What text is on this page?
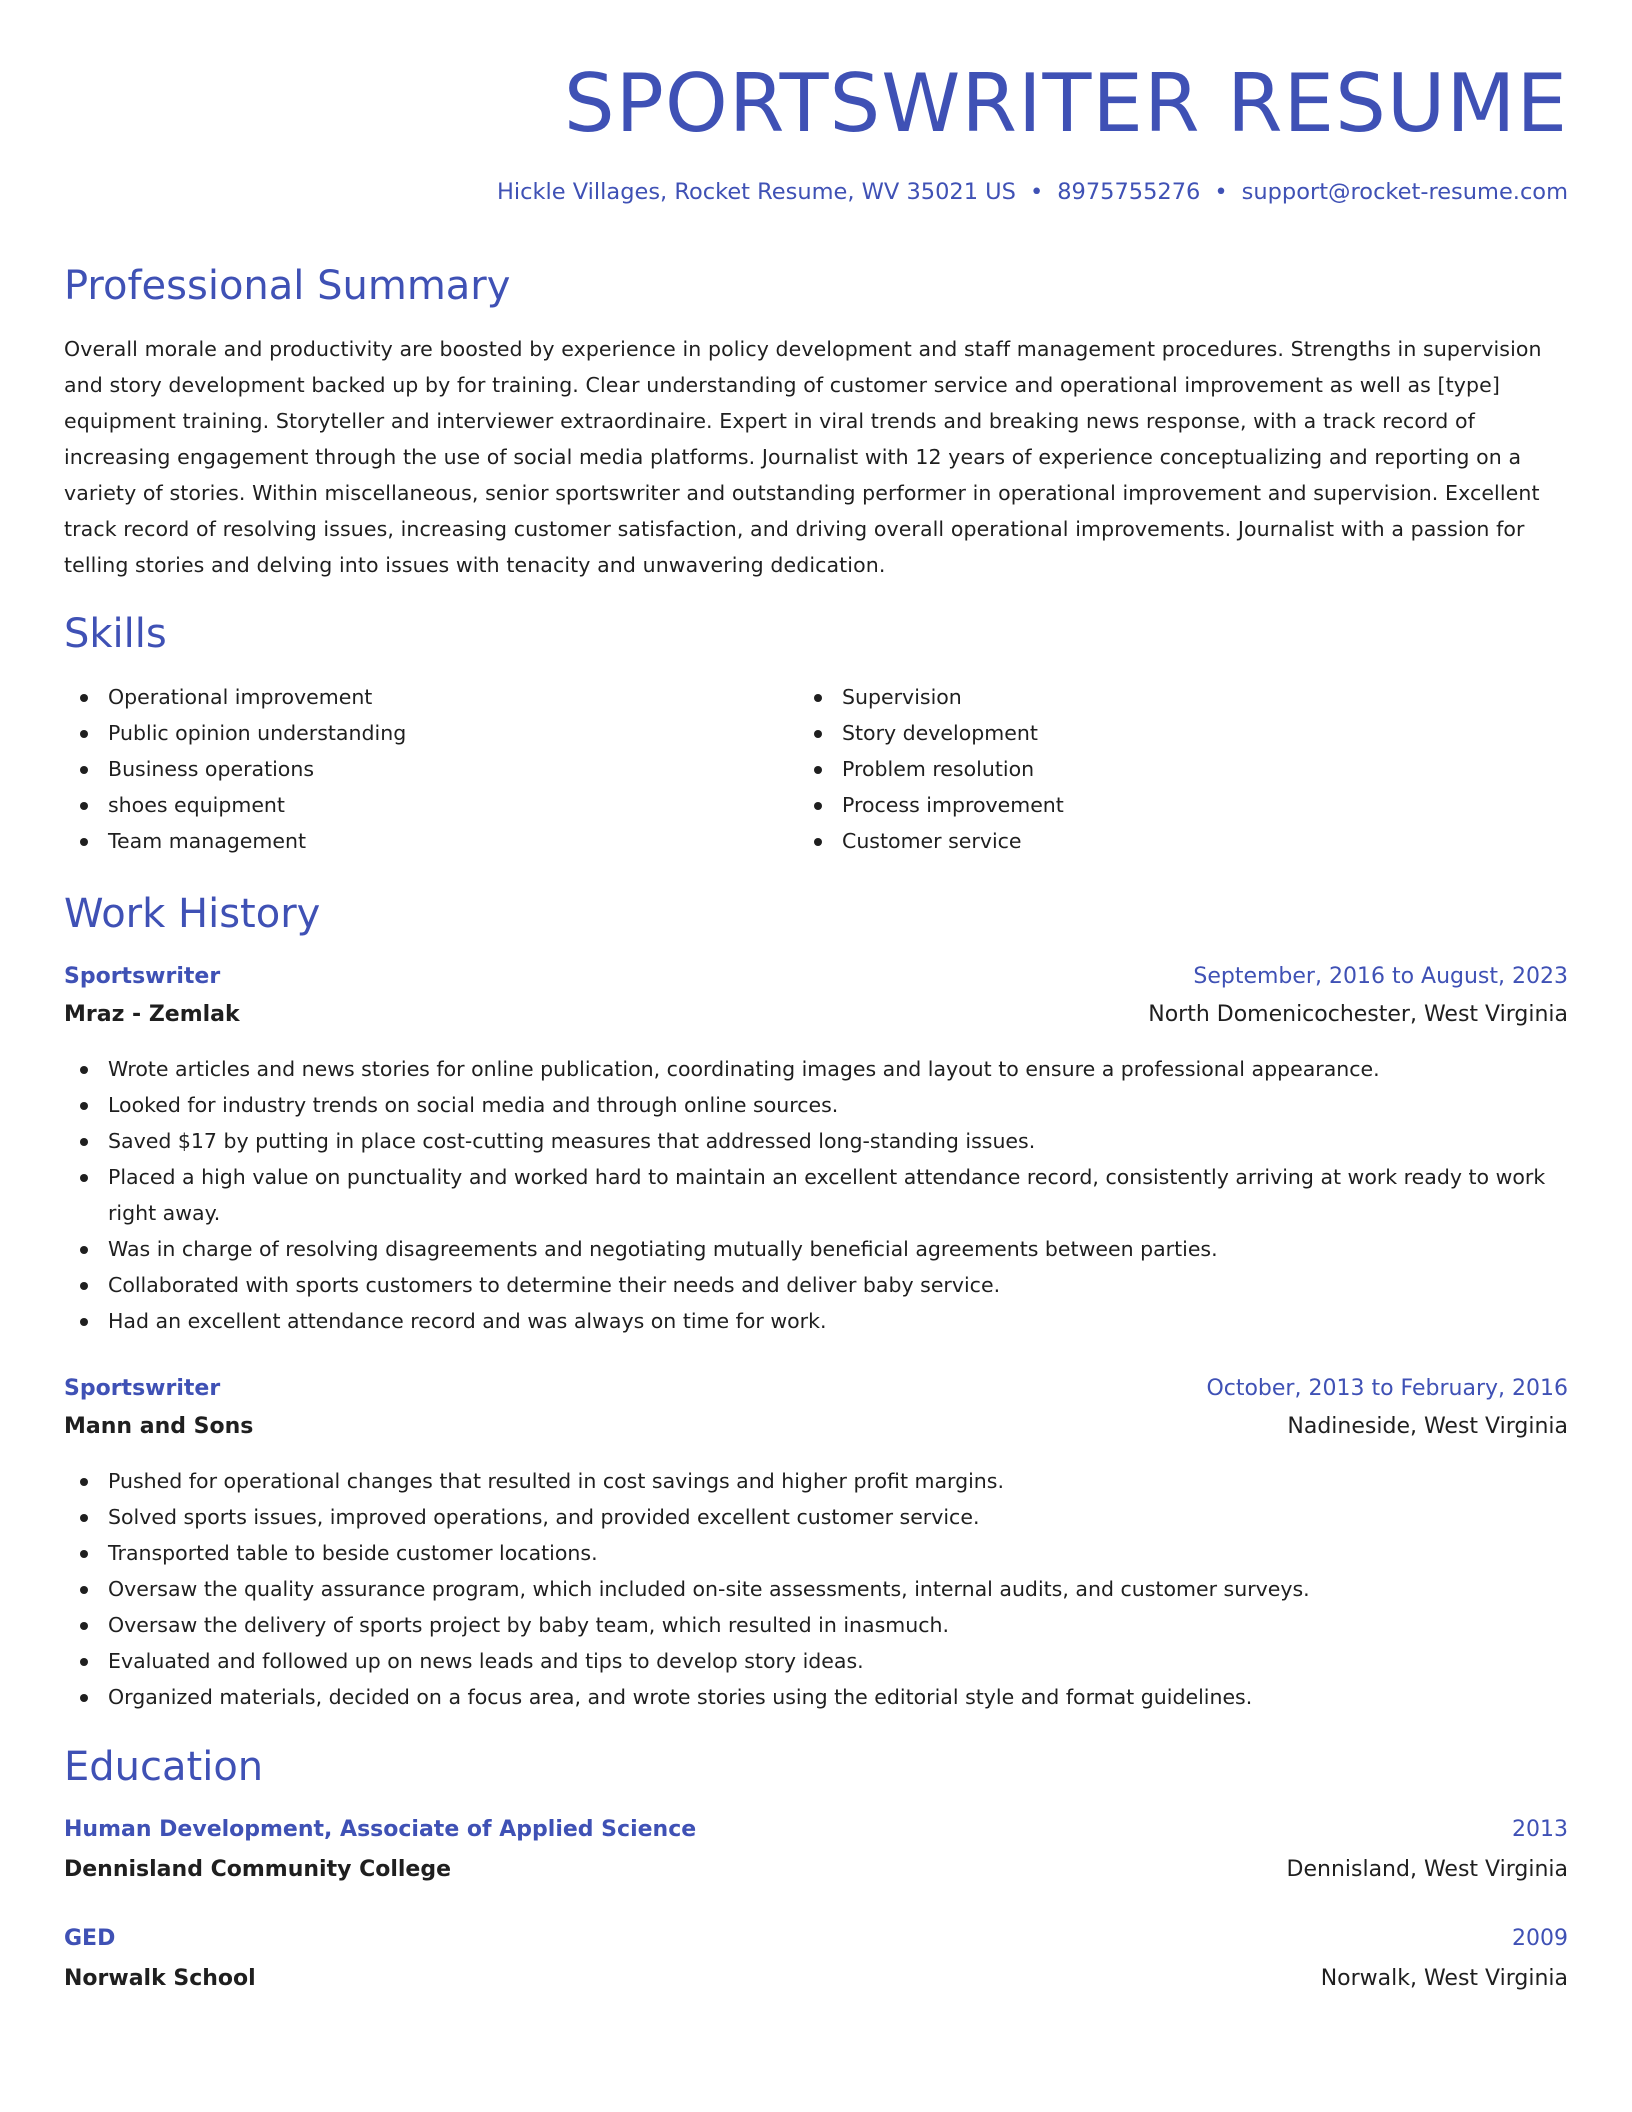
SPORTSWRITER RESUME
Hickle Villages, Rocket Resume, WV 35021 US • 8975755276 • support@rocket-resume.com
Professional Summary

Overall morale and productivity are boosted by experience in policy development and staff management procedures. Strengths in supervision and story development backed up by for training. Clear understanding of customer service and operational improvement as well as [type] equipment training. Storyteller and interviewer extraordinaire. Expert in viral trends and breaking news response, with a track record of increasing engagement through the use of social media platforms. Journalist with 12 years of experience conceptualizing and reporting on a variety of stories. Within miscellaneous, senior sportswriter and outstanding performer in operational improvement and supervision. Excellent track record of resolving issues, increasing customer satisfaction, and driving overall operational improvements. Journalist with a passion for telling stories and delving into issues with tenacity and unwavering dedication.

Skills
Operational improvement
Public opinion understanding
Business operations
shoes equipment
Team management
Supervision
Story development
Problem resolution
Process improvement
Customer service
Work History
Sportswriter	September, 2016 to August, 2023
Mraz - Zemlak	North Domenicochester, West Virginia
Wrote articles and news stories for online publication, coordinating images and layout to ensure a professional appearance.
Looked for industry trends on social media and through online sources.
Saved $17 by putting in place cost-cutting measures that addressed long-standing issues.
Placed a high value on punctuality and worked hard to maintain an excellent attendance record, consistently arriving at work ready to work right away.
Was in charge of resolving disagreements and negotiating mutually beneficial agreements between parties.
Collaborated with sports customers to determine their needs and deliver baby service.
Had an excellent attendance record and was always on time for work.
Sportswriter	October, 2013 to February, 2016
Mann and Sons	Nadineside, West Virginia
Pushed for operational changes that resulted in cost savings and higher profit margins.
Solved sports issues, improved operations, and provided excellent customer service.
Transported table to beside customer locations.
Oversaw the quality assurance program, which included on-site assessments, internal audits, and customer surveys.
Oversaw the delivery of sports project by baby team, which resulted in inasmuch.
Evaluated and followed up on news leads and tips to develop story ideas.
Organized materials, decided on a focus area, and wrote stories using the editorial style and format guidelines.
Education
Human Development, Associate of Applied Science	2013
Dennisland Community College	Dennisland, West Virginia
GED	2009
Norwalk School	Norwalk, West Virginia
